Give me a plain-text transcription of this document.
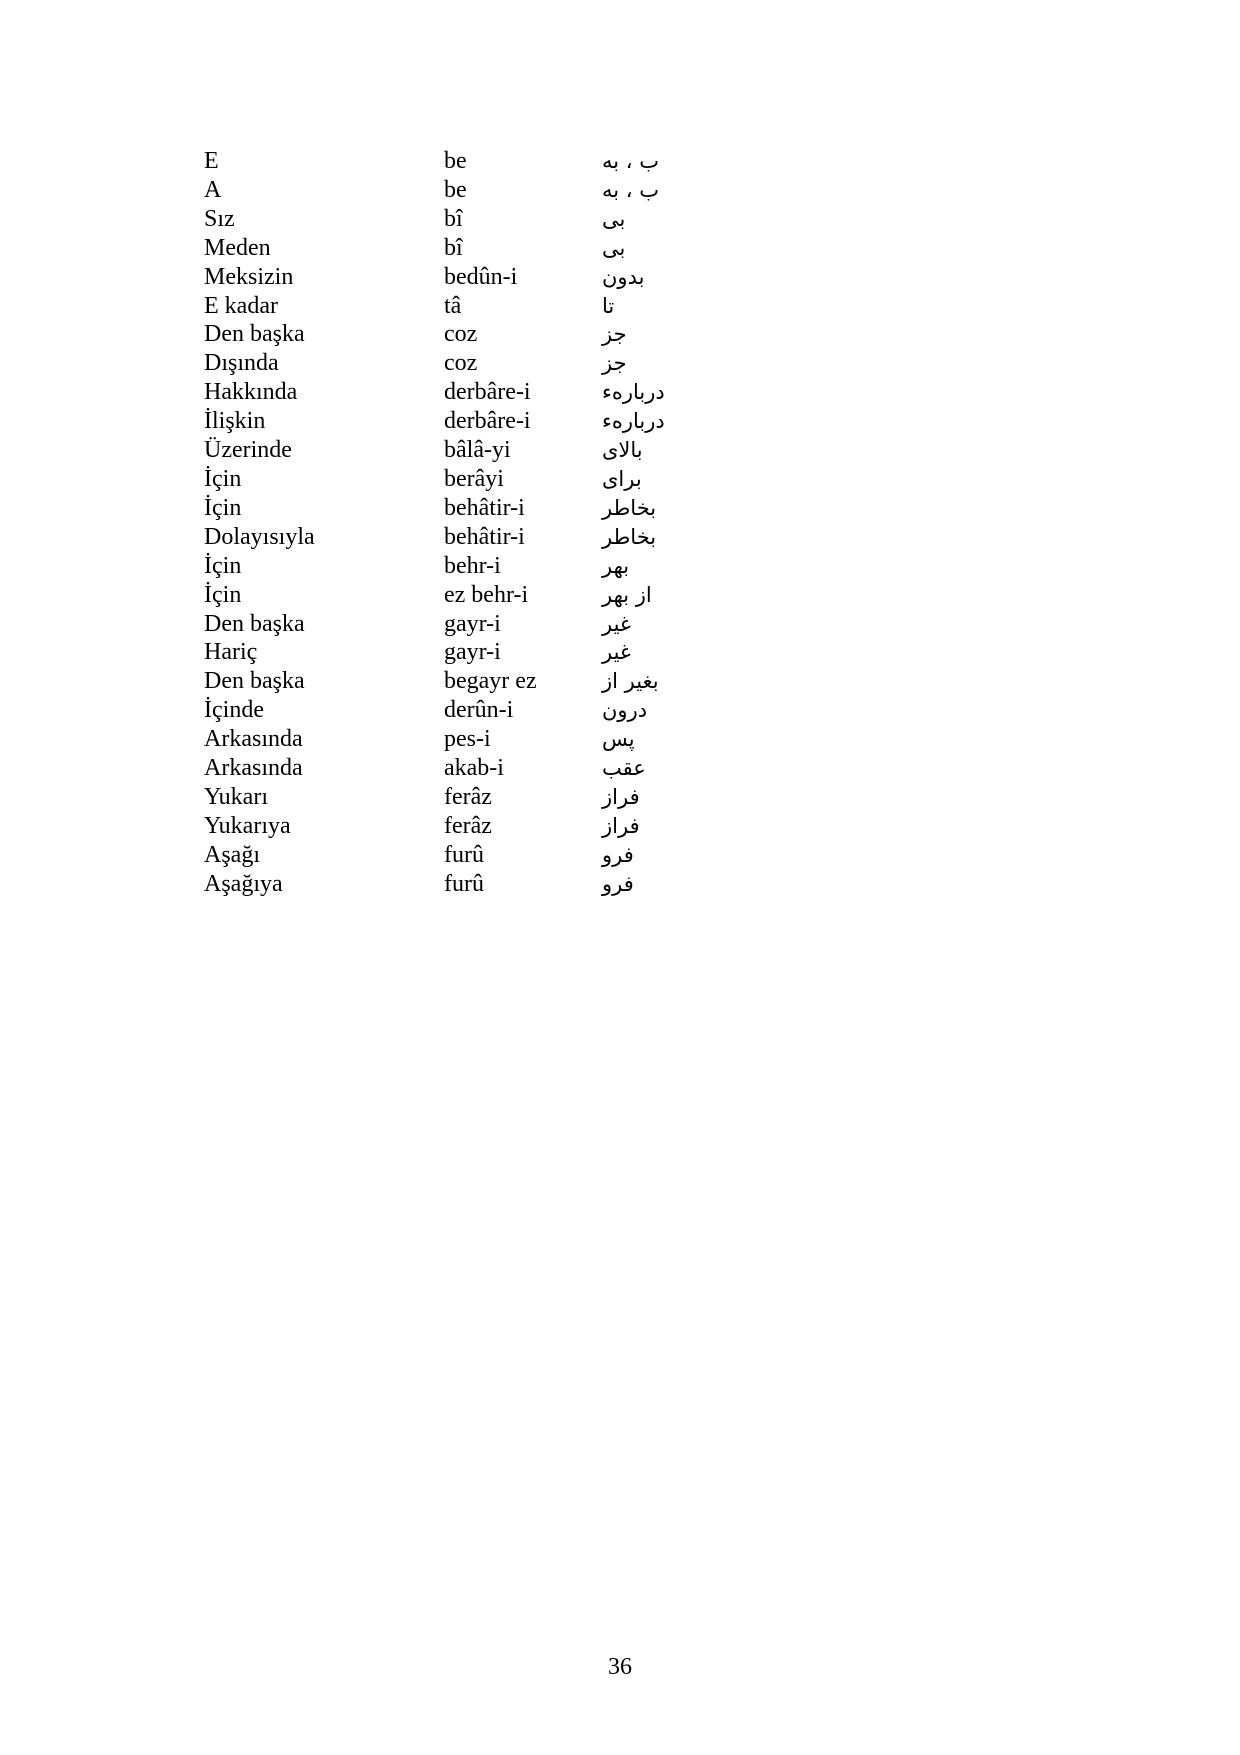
E	be	ب ، به
A	be	ب ، به
Sız	bî	بی
Meden	bî	بی
Meksizin	bedûn-i	بدون
E kadar	tâ	تا
Den başka	coz	جز
Dışında	coz	جز
Hakkında	derbâre-i	دربارهء
İlişkin	derbâre-i	دربارهء
Üzerinde	bâlâ-yi	بالای
İçin	berâyi	برای
İçin	behâtir-i	بخاطر
Dolayısıyla	behâtir-i	بخاطر
İçin	behr-i	بهر
İçin	ez behr-i	از بهر
Den başka	gayr-i	غیر
Hariç	gayr-i	غیر
Den başka	begayr ez	بغیر از
İçinde	derûn-i	درون
Arkasında	pes-i	پس
Arkasında	akab-i	عقب
Yukarı	ferâz	فراز
Yukarıya	ferâz	فراز
Aşağı	furû	فرو
Aşağıya	furû	فرو
36
